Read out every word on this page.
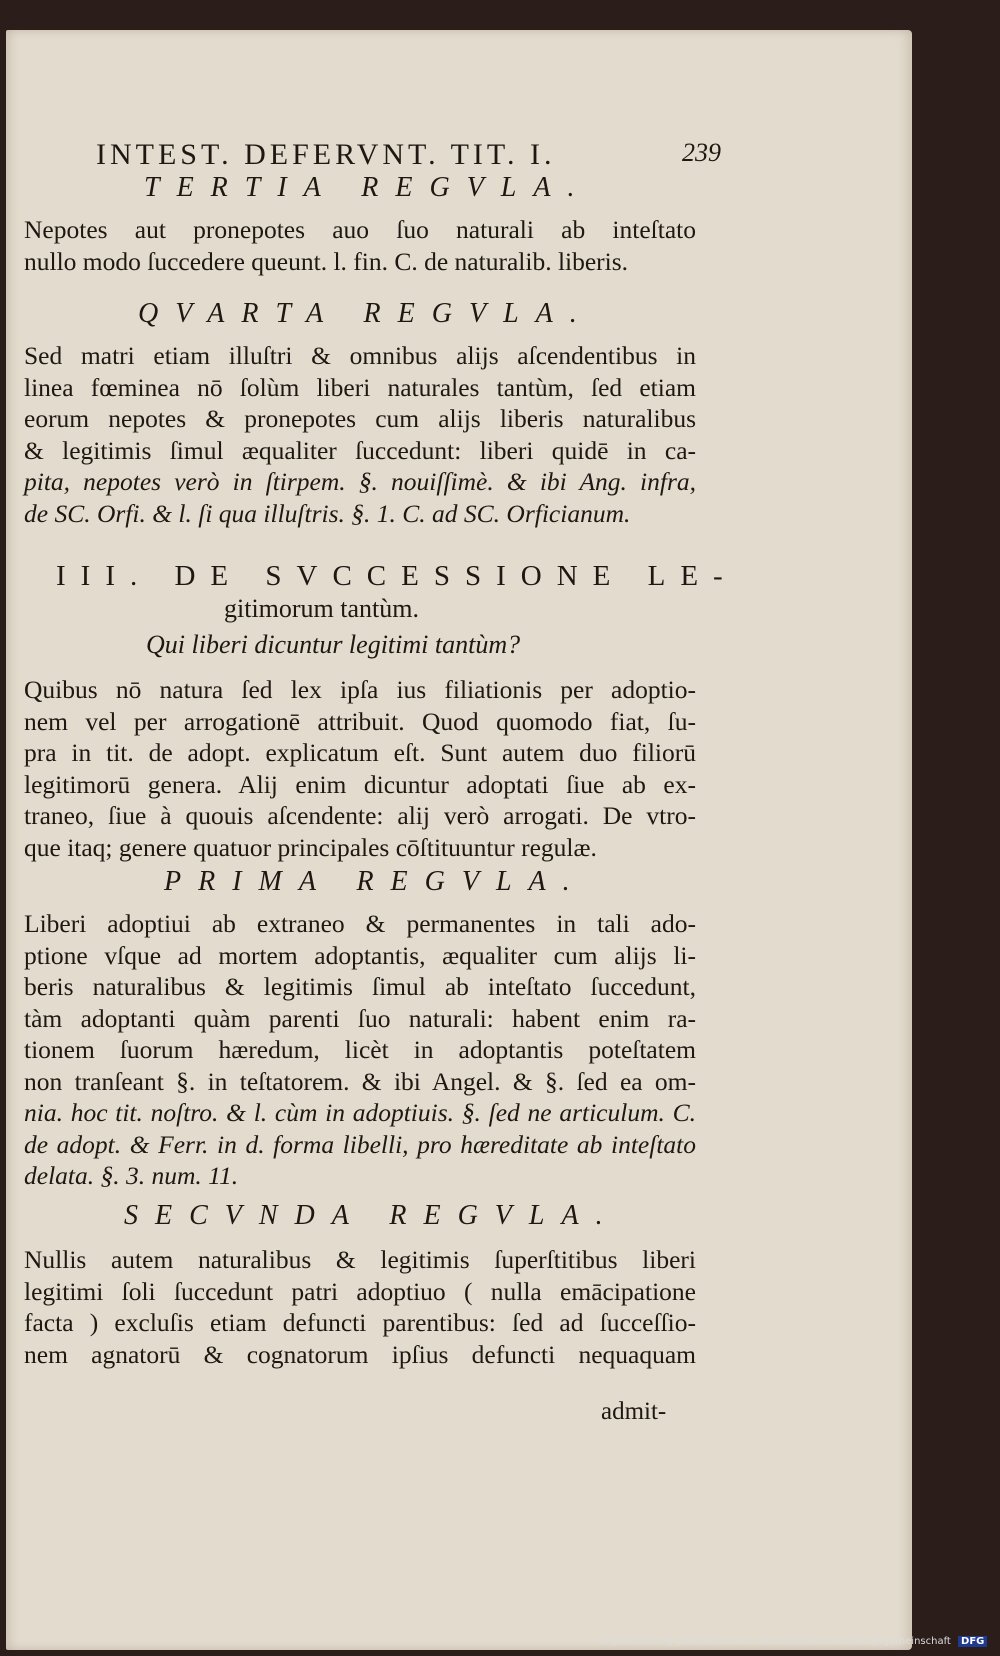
INTEST. DEFERVNT. TIT. I.	239
TERTIA REGVLA.
Nepotes aut pronepotes auo ſuo naturali ab inteſtato
nullo modo ſuccedere queunt. l. fin. C. de naturalib. liberis.
QVARTA REGVLA.
Sed matri etiam illuſtri & omnibus alijs aſcendentibus in
linea fœminea nō ſolùm liberi naturales tantùm, ſed etiam
eorum nepotes & pronepotes cum alijs liberis naturalibus
& legitimis ſimul æqualiter ſuccedunt: liberi quidē in ca-
pita, nepotes verò in ſtirpem. §. nouiſſimè. & ibi Ang. infra,
de SC. Orfi. & l. ſi qua illuſtris. §. 1. C. ad SC. Orficianum.
III. DE SVCCESSIONE LE-
gitimorum tantùm.
Qui liberi dicuntur legitimi tantùm?
Quibus nō natura ſed lex ipſa ius filiationis per adoptio-
nem vel per arrogationē attribuit. Quod quomodo fiat, ſu-
pra in tit. de adopt. explicatum eſt. Sunt autem duo filiorū
legitimorū genera. Alij enim dicuntur adoptati ſiue ab ex-
traneo, ſiue à quouis aſcendente: alij verò arrogati. De vtro-
que itaq; genere quatuor principales cōſtituuntur regulæ.
PRIMA REGVLA.
Liberi adoptiui ab extraneo & permanentes in tali ado-
ptione vſque ad mortem adoptantis, æqualiter cum alijs li-
beris naturalibus & legitimis ſimul ab inteſtato ſuccedunt,
tàm adoptanti quàm parenti ſuo naturali: habent enim ra-
tionem ſuorum hæredum, licèt in adoptantis poteſtatem
non tranſeant §. in teſtatorem. & ibi Angel. & §. ſed ea om-
nia. hoc tit. noſtro. & l. cùm in adoptiuis. §. ſed ne articulum. C.
de adopt. & Ferr. in d. forma libelli, pro hæreditate ab inteſtato
delata. §. 3. num. 11.
SECVNDA REGVLA.
Nullis autem naturalibus & legitimis ſuperſtitibus liberi
legitimi ſoli ſuccedunt patri adoptiuo ( nulla emācipatione
facta ) excluſis etiam defuncti parentibus: ſed ad ſucceſſio-
nem agnatorū & cognatorum ipſius defuncti nequaquam
admit-
Digitalisierung gefördert durch die Deutsche Forschungsgemeinschaft DFG
